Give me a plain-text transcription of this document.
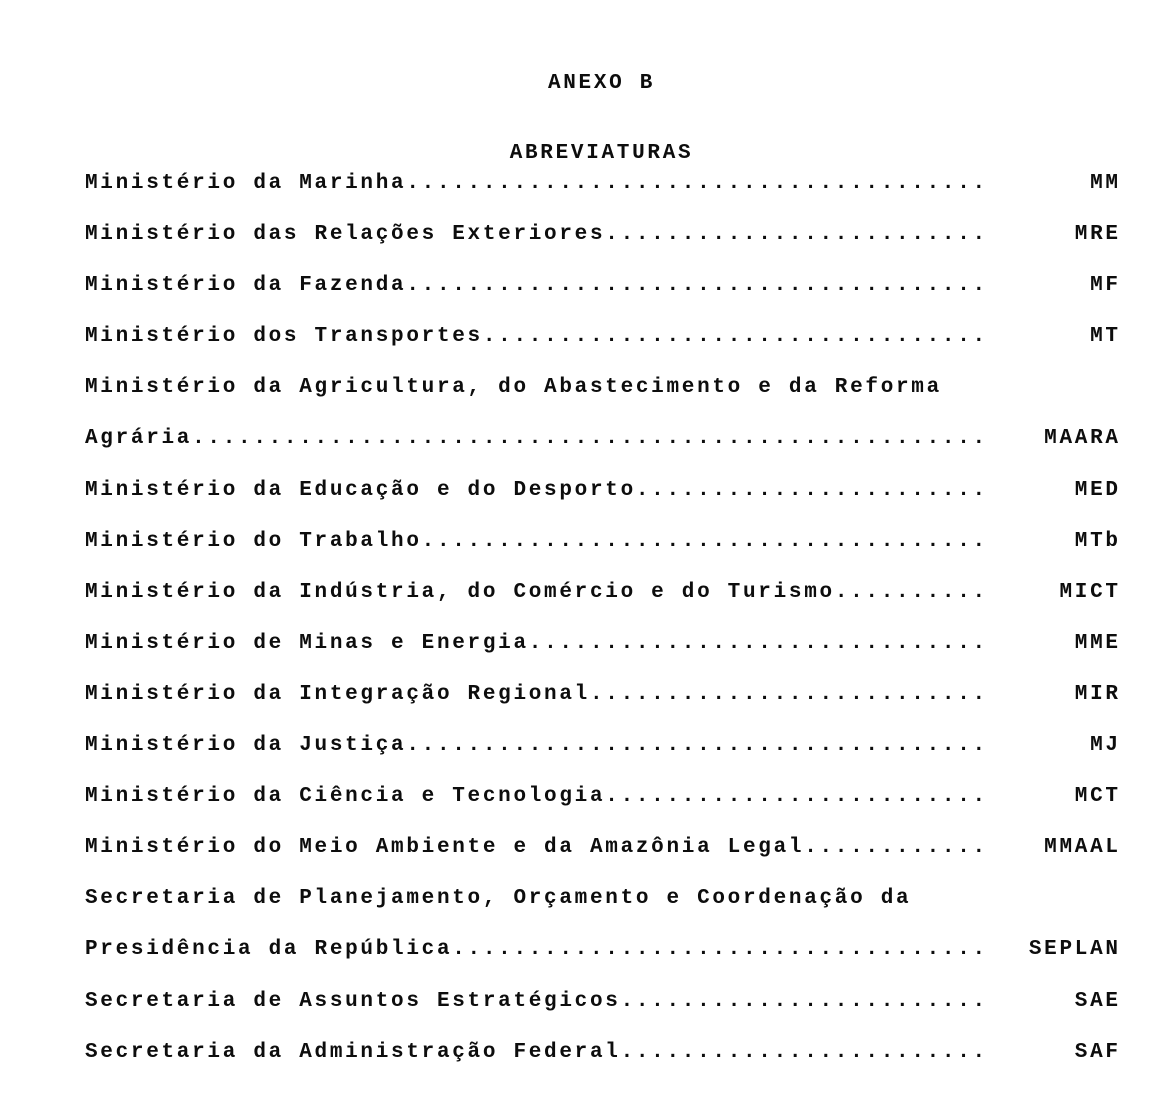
ANEXO B

ABREVIATURAS

Ministério da Marinha......................................	MM
Ministério das Relações Exteriores.........................	MRE
Ministério da Fazenda......................................	MF
Ministério dos Transportes.................................	MT
Ministério da Agricultura, do Abastecimento e da Reforma
Agrária....................................................	MAARA
Ministério da Educação e do Desporto.......................	MED
Ministério do Trabalho.....................................	MTb
Ministério da Indústria, do Comércio e do Turismo..........	MICT
Ministério de Minas e Energia..............................	MME
Ministério da Integração Regional..........................	MIR
Ministério da Justiça......................................	MJ
Ministério da Ciência e Tecnologia.........................	MCT
Ministério do Meio Ambiente e da Amazônia Legal............	MMAAL
Secretaria de Planejamento, Orçamento e Coordenação da
Presidência da República................................... SEPLAN
Secretaria de Assuntos Estratégicos........................	SAE
Secretaria da Administração Federal........................	SAF
